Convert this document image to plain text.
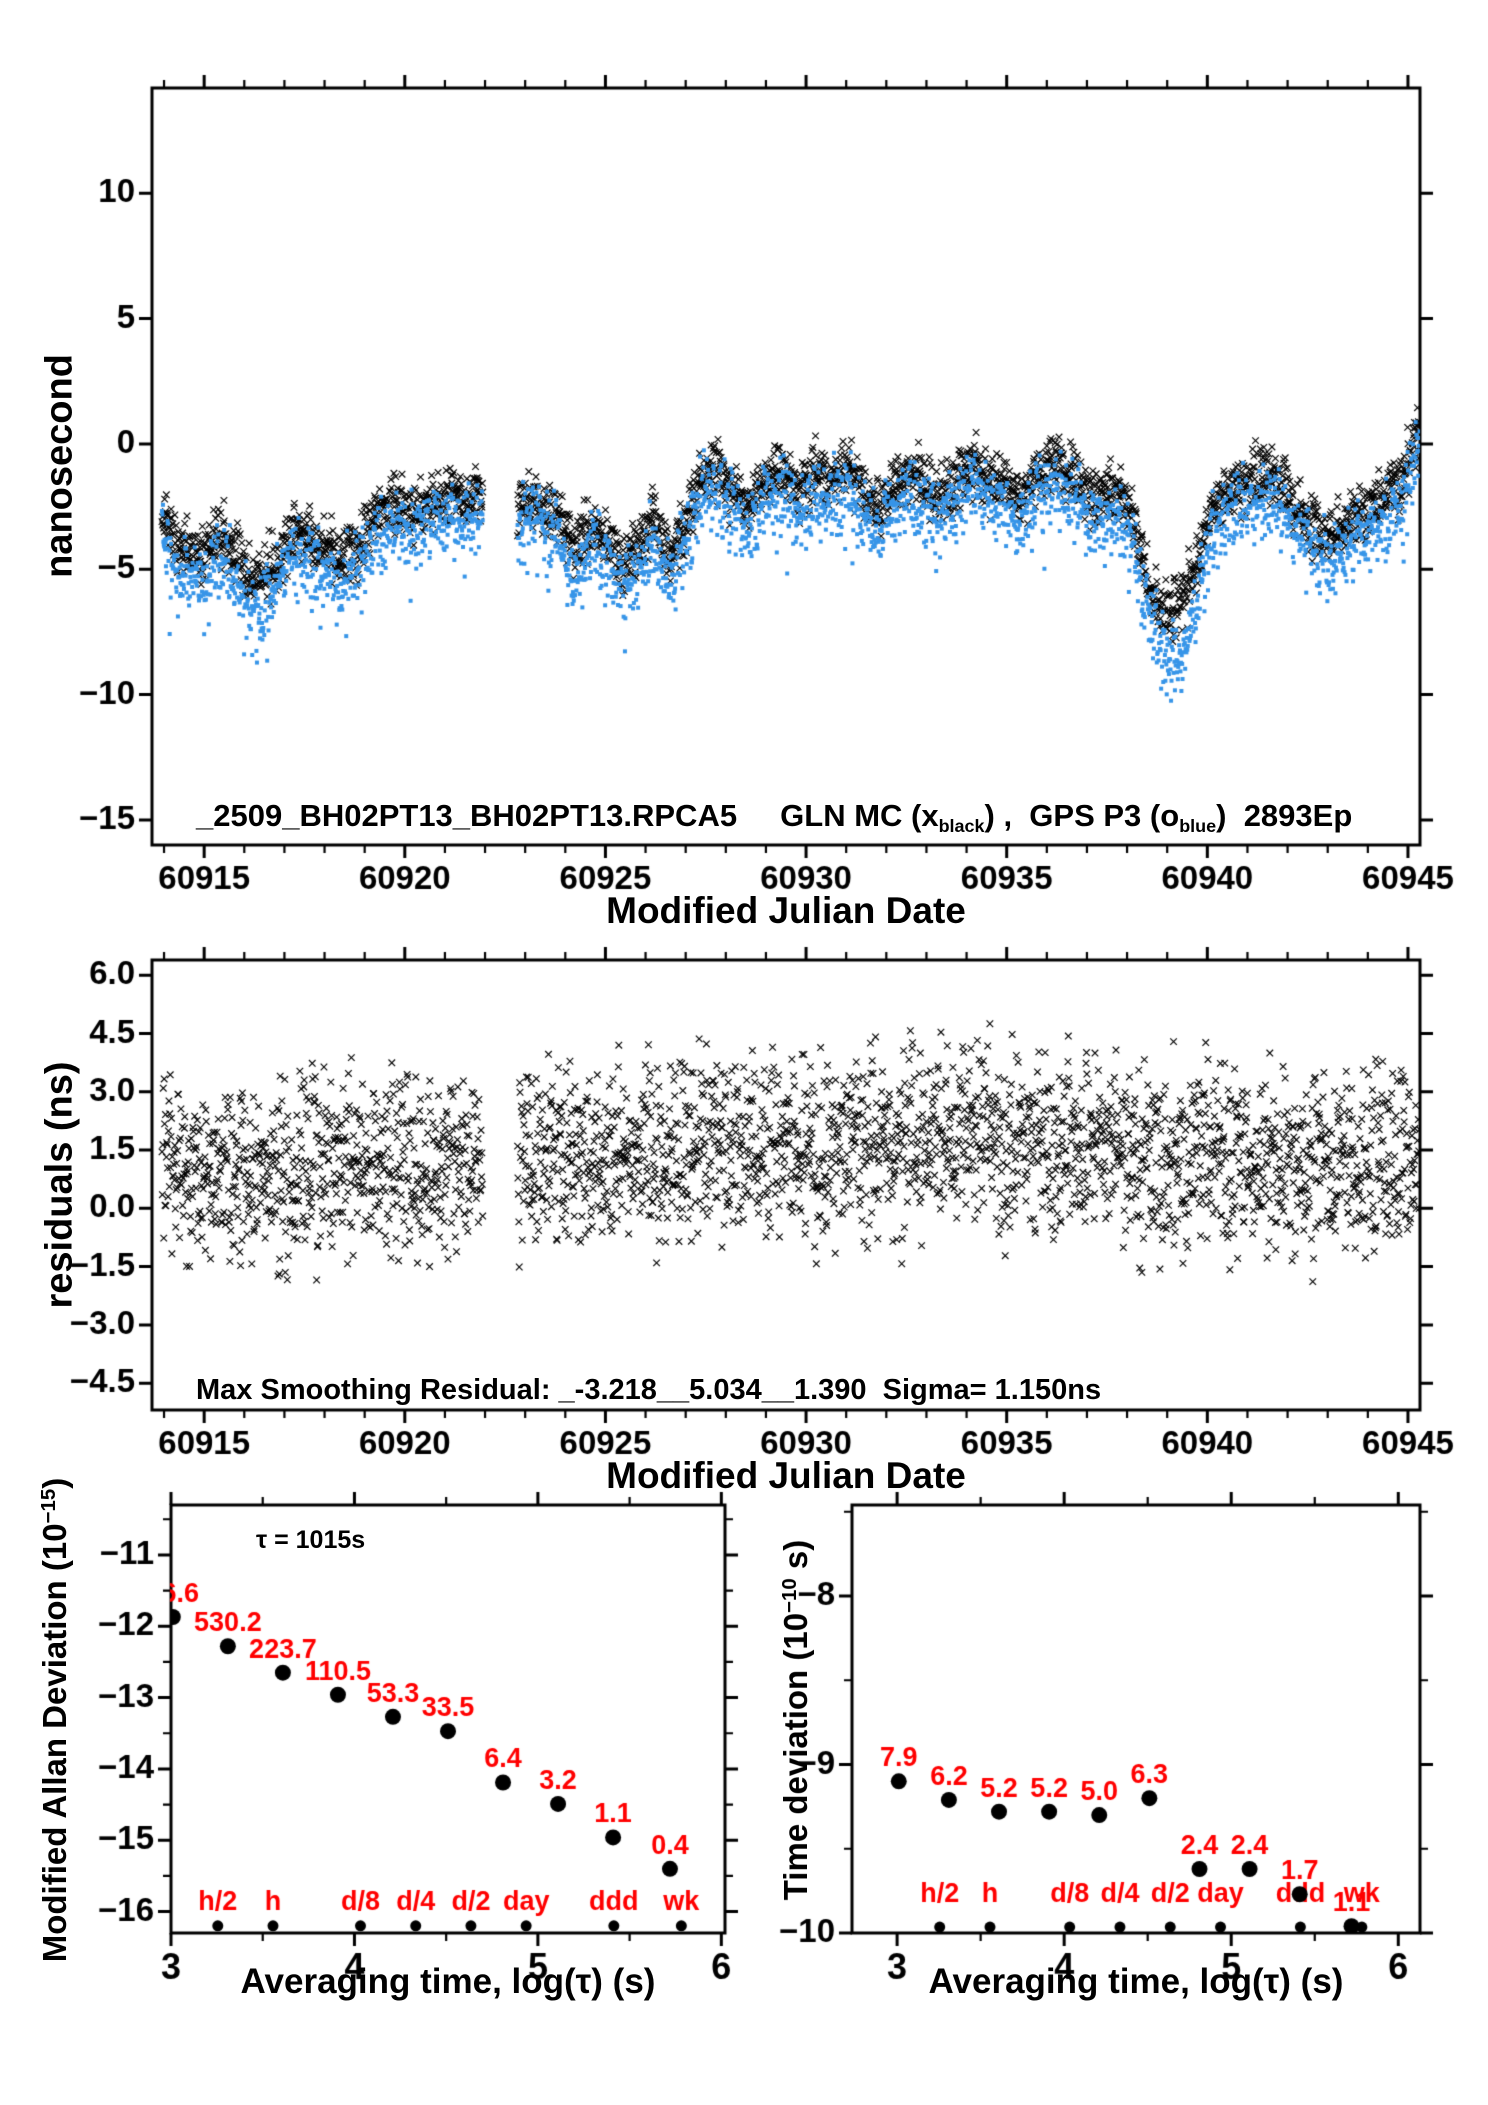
nanosecond
Modified Julian Date
_2509_BH02PT13_BH02PT13.RPCA5     GLN MC (xblack) ,  GPS P3 (oblue)  2893Ep
residuals (ns)
Modified Julian Date
Max Smoothing Residual: _-3.218__5.034__1.390  Sigma= 1.150ns
Modified Allan Deviation $(10^{-15})$
Averaging time, log(τ) (s)
τ = 1015s
Time deviation ($10^{-10}$ s)
Averaging time, log(τ) (s)
